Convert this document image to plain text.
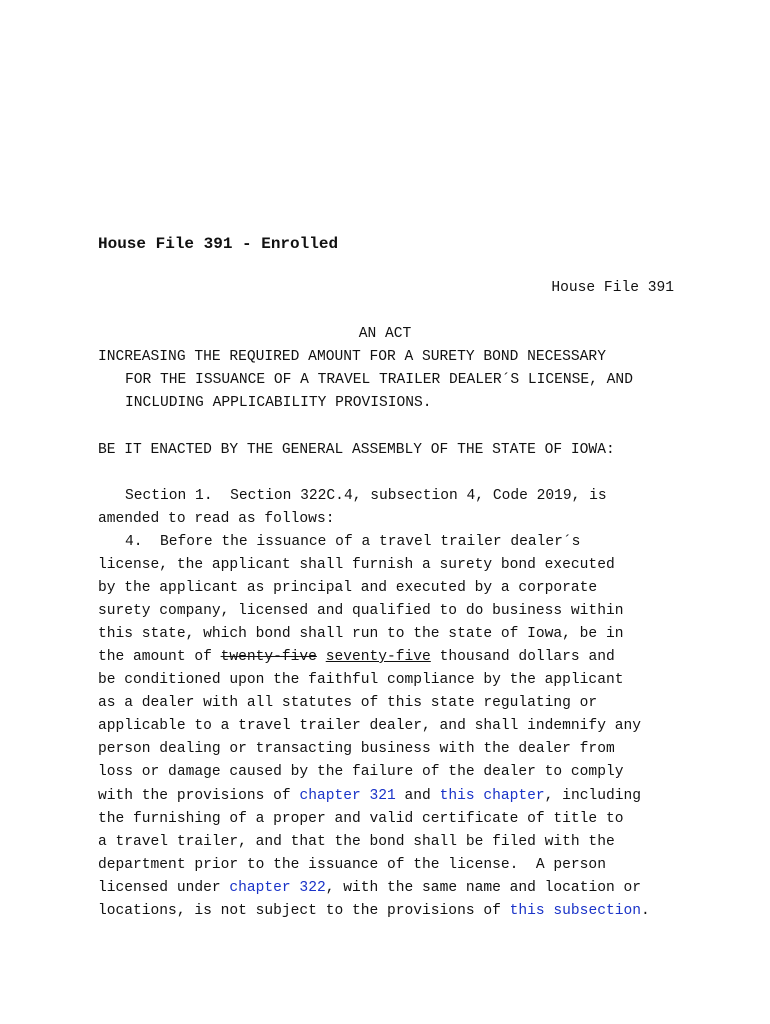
House File 391 - Enrolled
House File 391
AN ACT
INCREASING THE REQUIRED AMOUNT FOR A SURETY BOND NECESSARY
FOR THE ISSUANCE OF A TRAVEL TRAILER DEALER´S LICENSE, AND
INCLUDING APPLICABILITY PROVISIONS.
BE IT ENACTED BY THE GENERAL ASSEMBLY OF THE STATE OF IOWA:
Section 1.  Section 322C.4, subsection 4, Code 2019, is
amended to read as follows:
4.  Before the issuance of a travel trailer dealer´s
license, the applicant shall furnish a surety bond executed
by the applicant as principal and executed by a corporate
surety company, licensed and qualified to do business within
this state, which bond shall run to the state of Iowa, be in
the amount of twenty-five seventy-five thousand dollars and
be conditioned upon the faithful compliance by the applicant
as a dealer with all statutes of this state regulating or
applicable to a travel trailer dealer, and shall indemnify any
person dealing or transacting business with the dealer from
loss or damage caused by the failure of the dealer to comply
with the provisions of chapter 321 and this chapter, including
the furnishing of a proper and valid certificate of title to
a travel trailer, and that the bond shall be filed with the
department prior to the issuance of the license.  A person
licensed under chapter 322, with the same name and location or
locations, is not subject to the provisions of this subsection.
